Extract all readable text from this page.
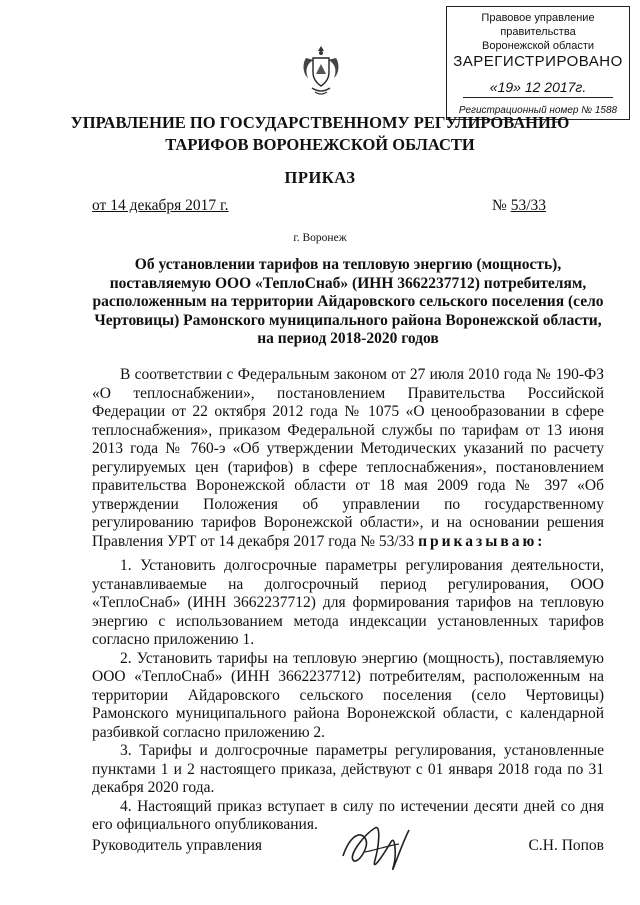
Правовое управление правительства
Воронежской области
ЗАРЕГИСТРИРОВАНО
«19» 12 2017г.
Регистрационный номер № 1588
УПРАВЛЕНИЕ ПО ГОСУДАРСТВЕННОМУ РЕГУЛИРОВАНИЮ
ТАРИФОВ ВОРОНЕЖСКОЙ ОБЛАСТИ
ПРИКАЗ
от 14 декабря 2017 г.	№ 53/33
г. Воронеж
Об установлении тарифов на тепловую энергию (мощность), поставляемую ООО «ТеплоСнаб» (ИНН 3662237712) потребителям, расположенным на территории Айдаровского сельского поселения (село Чертовицы) Рамонского муниципального района Воронежской области, на период 2018-2020 годов

В соответствии с Федеральным законом от 27 июля 2010 года № 190-ФЗ «О теплоснабжении», постановлением Правительства Российской Федерации от 22 октября 2012 года № 1075 «О ценообразовании в сфере теплоснабжения», приказом Федеральной службы по тарифам от 13 июня 2013 года № 760-э «Об утверждении Методических указаний по расчету регулируемых цен (тарифов) в сфере теплоснабжения», постановлением правительства Воронежской области от 18 мая 2009 года № 397 «Об утверждении Положения об управлении по государственному регулированию тарифов Воронежской области», и на основании решения Правления УРТ от 14 декабря 2017 года № 53/33 приказываю:

1. Установить долгосрочные параметры регулирования деятельности, устанавливаемые на долгосрочный период регулирования, ООО «ТеплоСнаб» (ИНН 3662237712) для формирования тарифов на тепловую энергию с использованием метода индексации установленных тарифов согласно приложению 1.

2. Установить тарифы на тепловую энергию (мощность), поставляемую ООО «ТеплоСнаб» (ИНН 3662237712) потребителям, расположенным на территории Айдаровского сельского поселения (село Чертовицы) Рамонского муниципального района Воронежской области, с календарной разбивкой согласно приложению 2.

3. Тарифы и долгосрочные параметры регулирования, установленные пунктами 1 и 2 настоящего приказа, действуют с 01 января 2018 года по 31 декабря 2020 года.

4. Настоящий приказ вступает в силу по истечении десяти дней со дня его официального опубликования.

Руководитель управления	С.Н. Попов
